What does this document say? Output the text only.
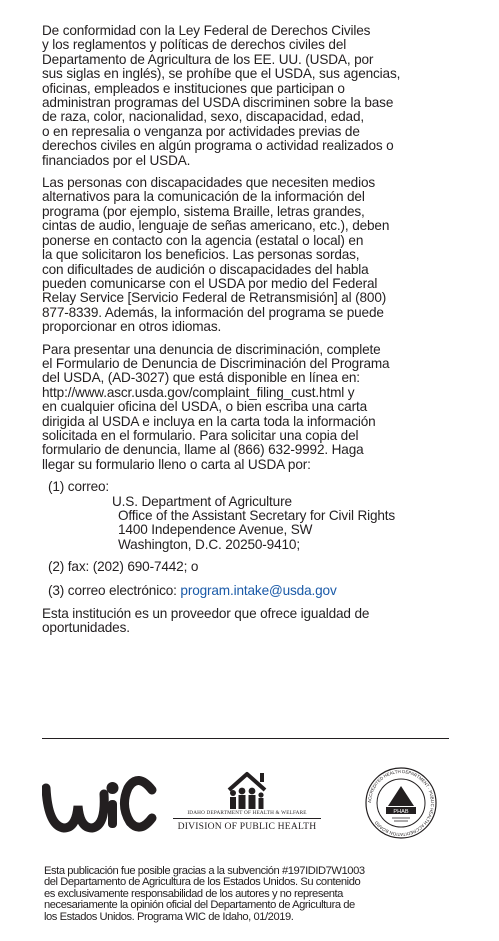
De conformidad con la Ley Federal de Derechos Civiles
y los reglamentos y políticas de derechos civiles del
Departamento de Agricultura de los EE. UU. (USDA, por
sus siglas en inglés), se prohíbe que el USDA, sus agencias,
oficinas, empleados e instituciones que participan o
administran programas del USDA discriminen sobre la base
de raza, color, nacionalidad, sexo, discapacidad, edad,
o en represalia o venganza por actividades previas de
derechos civiles en algún programa o actividad realizados o
financiados por el USDA.

Las personas con discapacidades que necesiten medios
alternativos para la comunicación de la información del
programa (por ejemplo, sistema Braille, letras grandes,
cintas de audio, lenguaje de señas americano, etc.), deben
ponerse en contacto con la agencia (estatal o local) en
la que solicitaron los beneficios. Las personas sordas,
con dificultades de audición o discapacidades del habla
pueden comunicarse con el USDA por medio del Federal
Relay Service [Servicio Federal de Retransmisión] al (800)
877-8339. Además, la información del programa se puede
proporcionar en otros idiomas.

Para presentar una denuncia de discriminación, complete
el Formulario de Denuncia de Discriminación del Programa
del USDA, (AD-3027) que está disponible en línea en:
http://www.ascr.usda.gov/complaint_filing_cust.html y
en cualquier oficina del USDA, o bien escriba una carta
dirigida al USDA e incluya en la carta toda la información
solicitada en el formulario. Para solicitar una copia del
formulario de denuncia, llame al (866) 632-9992. Haga
llegar su formulario lleno o carta al USDA por:

(1) correo:

U.S. Department of Agriculture
Office of the Assistant Secretary for Civil Rights
1400 Independence Avenue, SW
Washington, D.C. 20250-9410;

(2) fax: (202) 690-7442; o
(3) correo electrónico: program.intake@usda.gov

Esta institución es un proveedor que ofrece igualdad de
oportunidades.

WIC
IDAHO DEPARTMENT OF HEALTH & WELFARE
DIVISION OF PUBLIC HEALTH
PHAB
ACCREDITED HEALTH DEPARTMENT · PUBLIC HEALTH ACCREDITATION BOARD
Esta publicación fue posible gracias a la subvención #197IDID7W1003
del Departamento de Agricultura de los Estados Unidos. Su contenido
es exclusivamente responsabilidad de los autores y no representa
necesariamente la opinión oficial del Departamento de Agricultura de
los Estados Unidos. Programa WIC de Idaho, 01/2019.
